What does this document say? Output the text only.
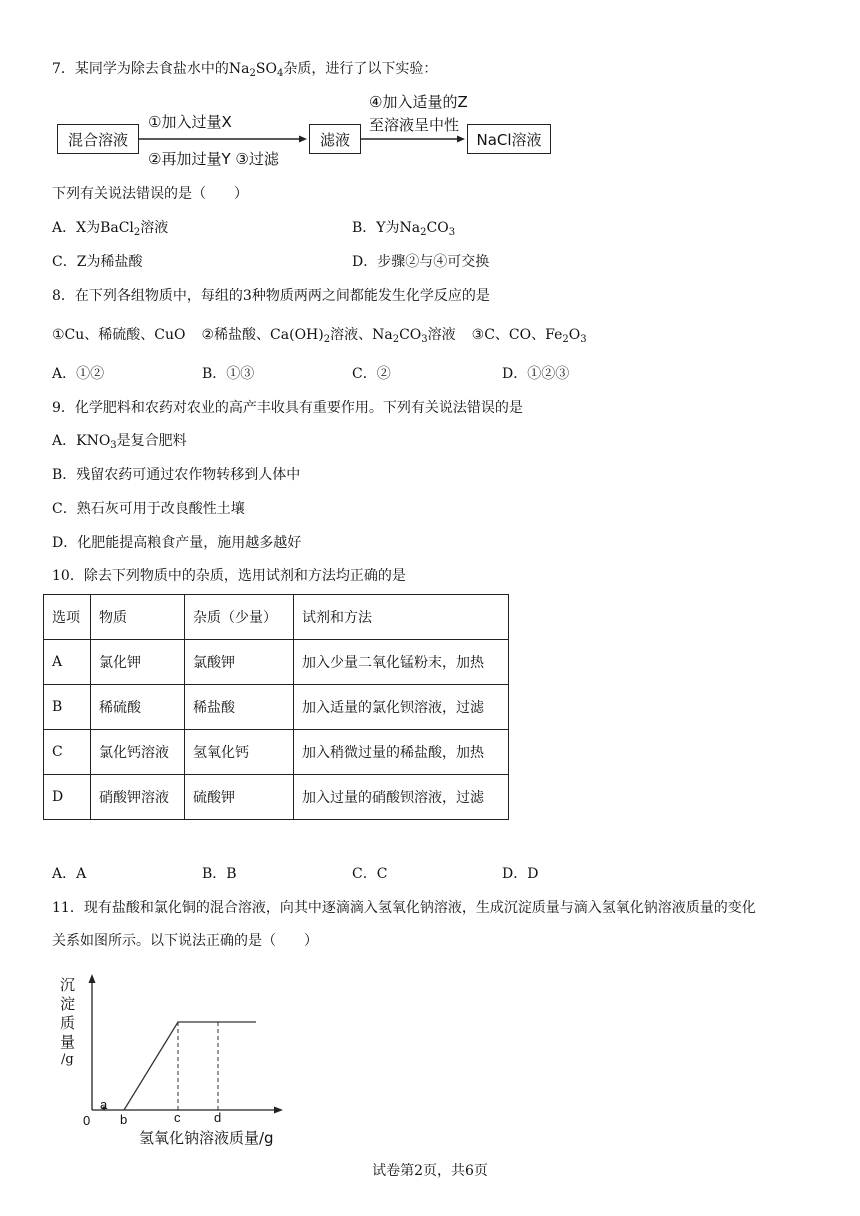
7．某同学为除去食盐水中的$Na_2SO_4$杂质，进行了以下实验：
混合溶液
①加入过量X
②再加过量Y ③过滤
滤液
④加入适量的Z
至溶液呈中性
NaCl溶液
下列有关说法错误的是（　　）
A．X为BaCl$_2$溶液	B．Y为$Na_2CO_3$
C．Z为稀盐酸	D．步骤②与④可交换
8．在下列各组物质中，每组的3种物质两两之间都能发生化学反应的是
①Cu、稀硫酸、CuO ②稀盐酸、$Ca(OH)_2$溶液、$Na_2CO_3$溶液 ③C、CO、$Fe_2O_3$
A．①②	B．①③	C．②	D．①②③
9．化学肥料和农药对农业的高产丰收具有重要作用。下列有关说法错误的是
A．$KNO_3$是复合肥料
B．残留农药可通过农作物转移到人体中
C．熟石灰可用于改良酸性土壤
D．化肥能提高粮食产量，施用越多越好
10．除去下列物质中的杂质，选用试剂和方法均正确的是
选项	物质	杂质（少量）	试剂和方法
A	氯化钾	氯酸钾	加入少量二氧化锰粉末，加热
B	稀硫酸	稀盐酸	加入适量的氯化钡溶液，过滤
C	氯化钙溶液	氢氧化钙	加入稍微过量的稀盐酸，加热
D	硝酸钾溶液	硫酸钾	加入过量的硝酸钡溶液，过滤
A．A	B．B	C．C	D．D
11．现有盐酸和氯化铜的混合溶液，向其中逐滴滴入氢氧化钠溶液，生成沉淀质量与滴入氢氧化钠溶液质量的变化
关系如图所示。以下说法正确的是（　　）
沉
淀
质
量
/g
0
a
b	c	d
氢氧化钠溶液质量/g
试卷第2页，共6页
